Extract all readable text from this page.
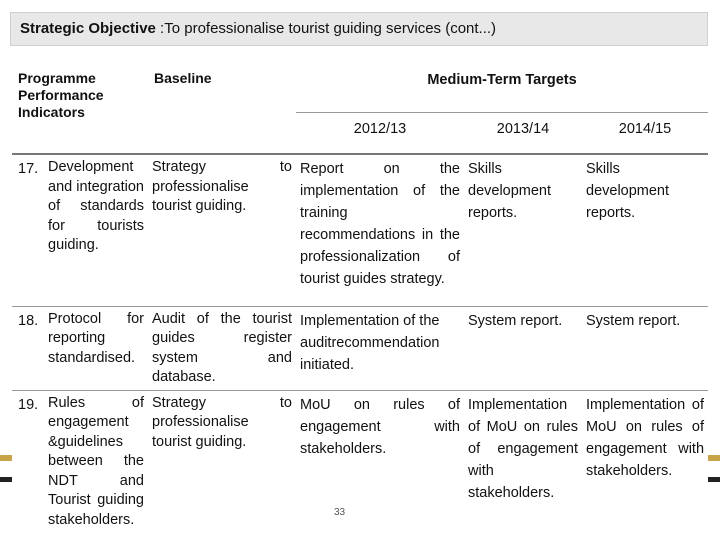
Strategic Objective :To professionalise tourist guiding services (cont...)
Programme Performance Indicators	Baseline	Medium-Term Targets		
		2012/13	2013/14	2014/15

17. Development and integration of standards for tourists guiding.	Strategy to professionalise tourist guiding.	Report on the implementation of the training recommendations in the professionalization of tourist guides strategy.	Skills development reports.	Skills development reports.

18. Protocol for reporting standardised.	Audit of the tourist guides register system and database.	Implementation of the auditrecommendation initiated.	System report.	System report.

19. Rules of engagement &guidelines between the NDT and Tourist guiding stakeholders.	Strategy to professionalise tourist guiding.	MoU on rules of engagement with stakeholders.	Implementation of MoU on rules of engagement with stakeholders.	Implementation of MoU on rules of engagement with stakeholders.
33
